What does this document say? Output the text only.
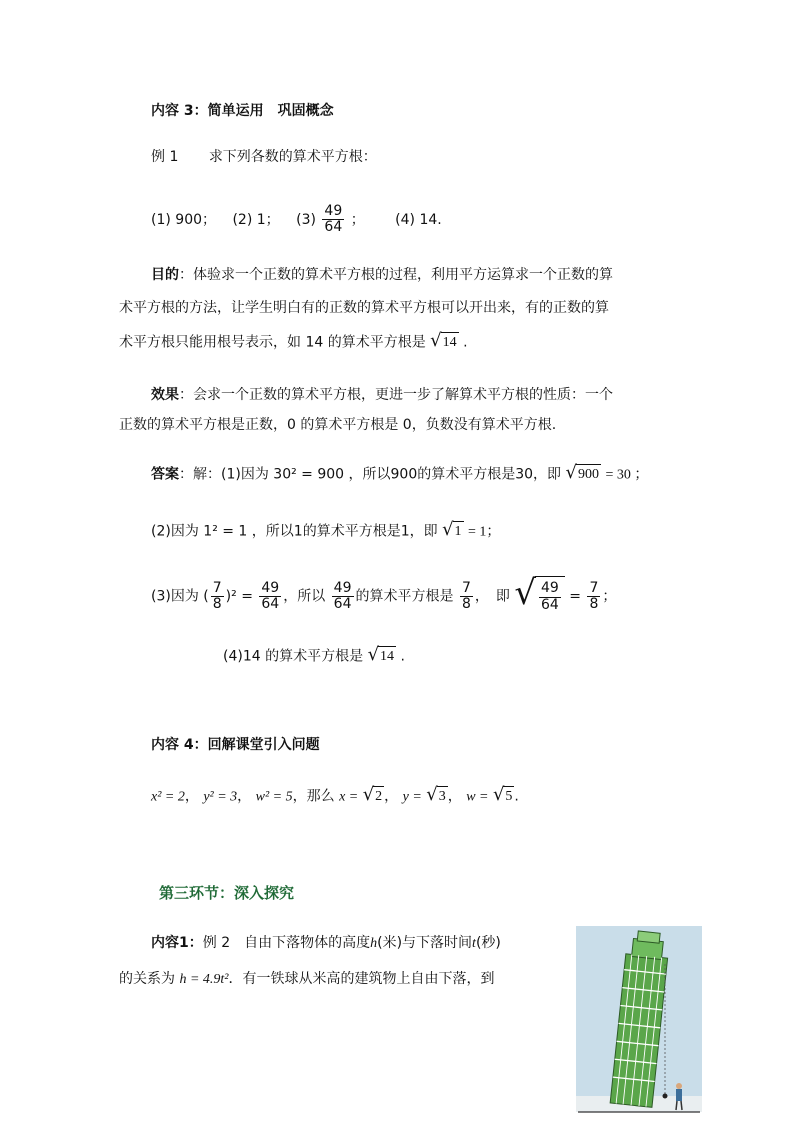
内容 3：简单运用　巩固概念
例 1 求下列各数的算术平方根：
(1) 900； (2) 1； $(3) \frac{49}{64}$ ； (4) 14.
目的：体验求一个正数的算术平方根的过程，利用平方运算求一个正数的算
术平方根的方法，让学生明白有的正数的算术平方根可以开出来，有的正数的算
术平方根只能用根号表示，如 14 的算术平方根是 √ 14 .
效果：会求一个正数的算术平方根，更进一步了解算术平方根的性质：一个
正数的算术平方根是正数，0 的算术平方根是 0，负数没有算术平方根.
答案：解：(1)因为 30² = 900 ，所以900的算术平方根是30，即 √ 900 = 30 ；
(2)因为 1² = 1 ，所以1的算术平方根是1，即 √ 1 = 1；
(3)因为 ( $\frac{7}{8} )^2 = \frac{49}{64}$ ，所以 $\frac{49}{64}$ 的算术平方根是 $\frac{7}{8}$ ，　即 √ $\frac{49}{64} = \frac{7}{8}$ ；
(4)14 的算术平方根是 √ 14 .
内容 4：回解课堂引入问题
x² = 2， y² = 3， w² = 5，那么 x = √ 2 ， y = √ 3 ， w = √ 5 .
第三环节：深入探究
内容1：例 2　自由下落物体的高度h(米)与下落时间t(秒)
的关系为 h = 4.9t²．有一铁球从米高的建筑物上自由下落，到
